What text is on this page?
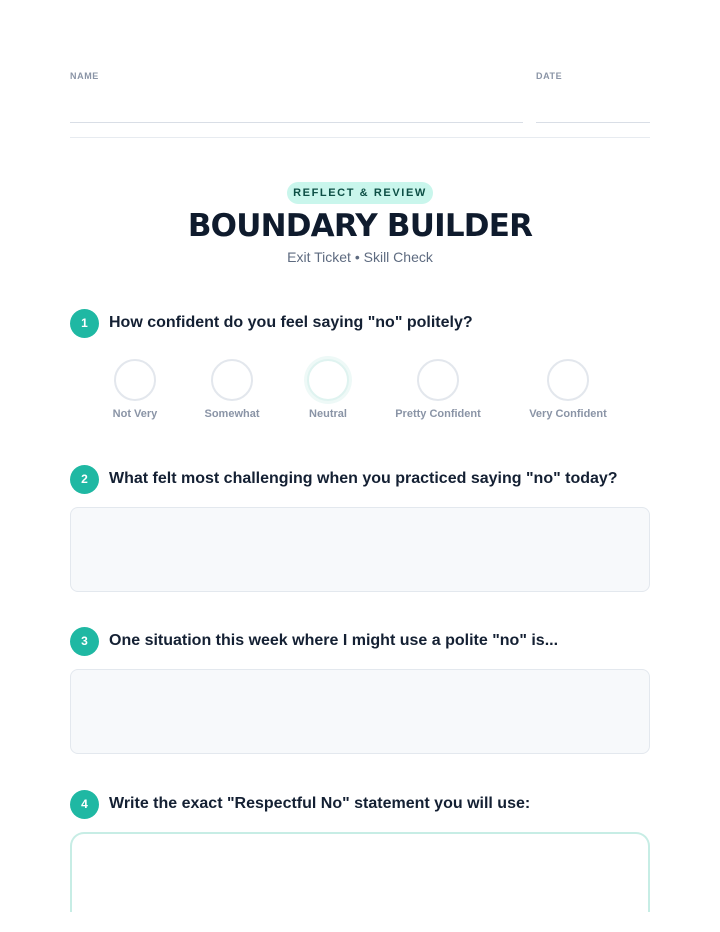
NAME	DATE
REFLECT & REVIEW
BOUNDARY BUILDER
Exit Ticket • Skill Check
1	How confident do you feel saying "no" politely?
Not Very	Somewhat	Neutral	Pretty Confident	Very Confident
2	What felt most challenging when you practiced saying "no" today?
3	One situation this week where I might use a polite "no" is...
4	Write the exact "Respectful No" statement you will use:
